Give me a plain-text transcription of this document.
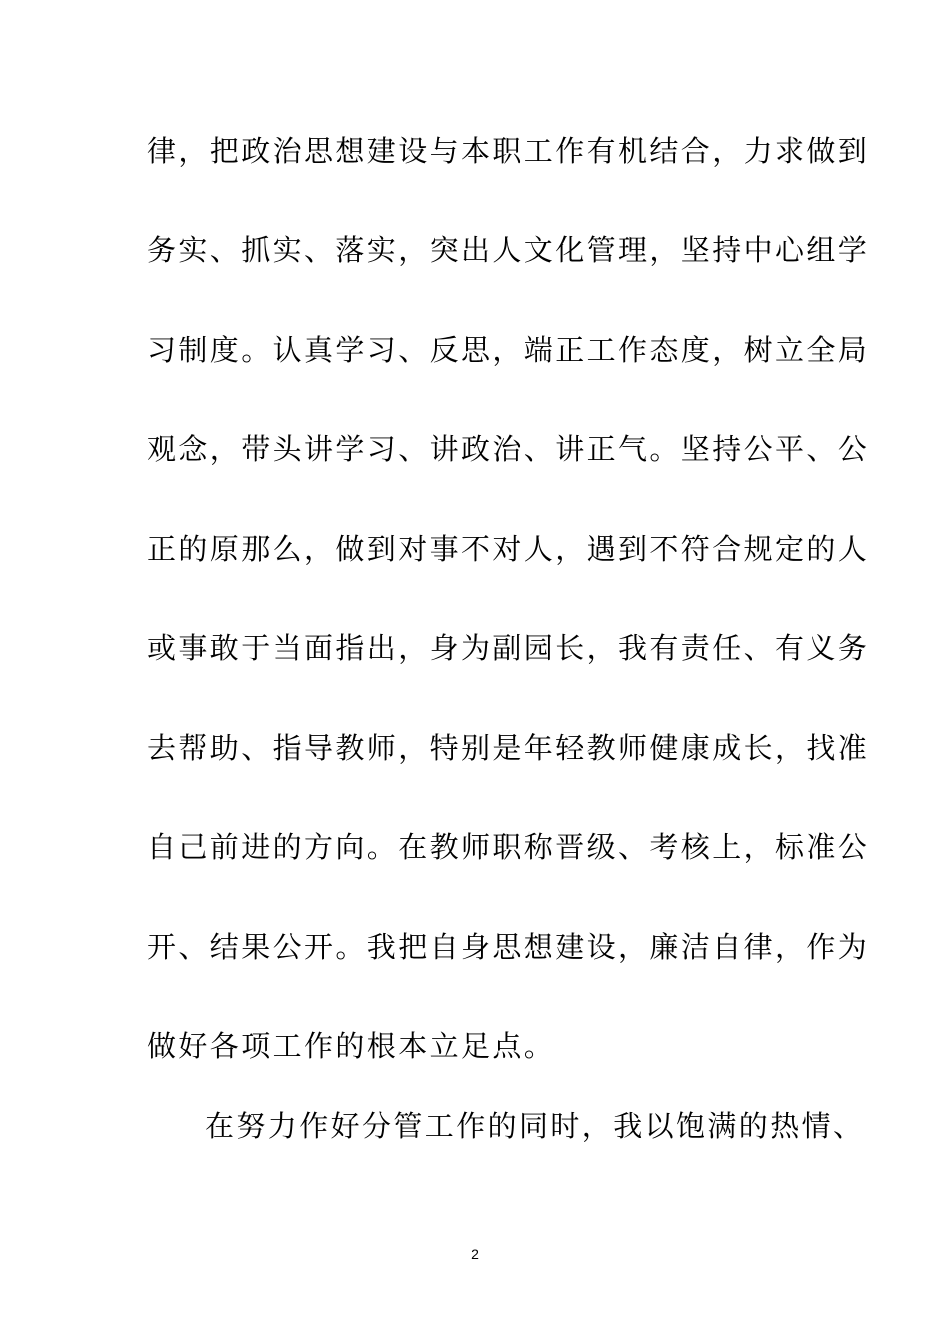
律，把政治思想建设与本职工作有机结合，力求做到
务实、抓实、落实，突出人文化管理，坚持中心组学
习制度。认真学习、反思，端正工作态度，树立全局
观念，带头讲学习、讲政治、讲正气。坚持公平、公
正的原那么，做到对事不对人，遇到不符合规定的人
或事敢于当面指出，身为副园长，我有责任、有义务
去帮助、指导教师，特别是年轻教师健康成长，找准
自己前进的方向。在教师职称晋级、考核上，标准公
开、结果公开。我把自身思想建设，廉洁自律，作为
做好各项工作的根本立足点。
在努力作好分管工作的同时，我以饱满的热情、
2
